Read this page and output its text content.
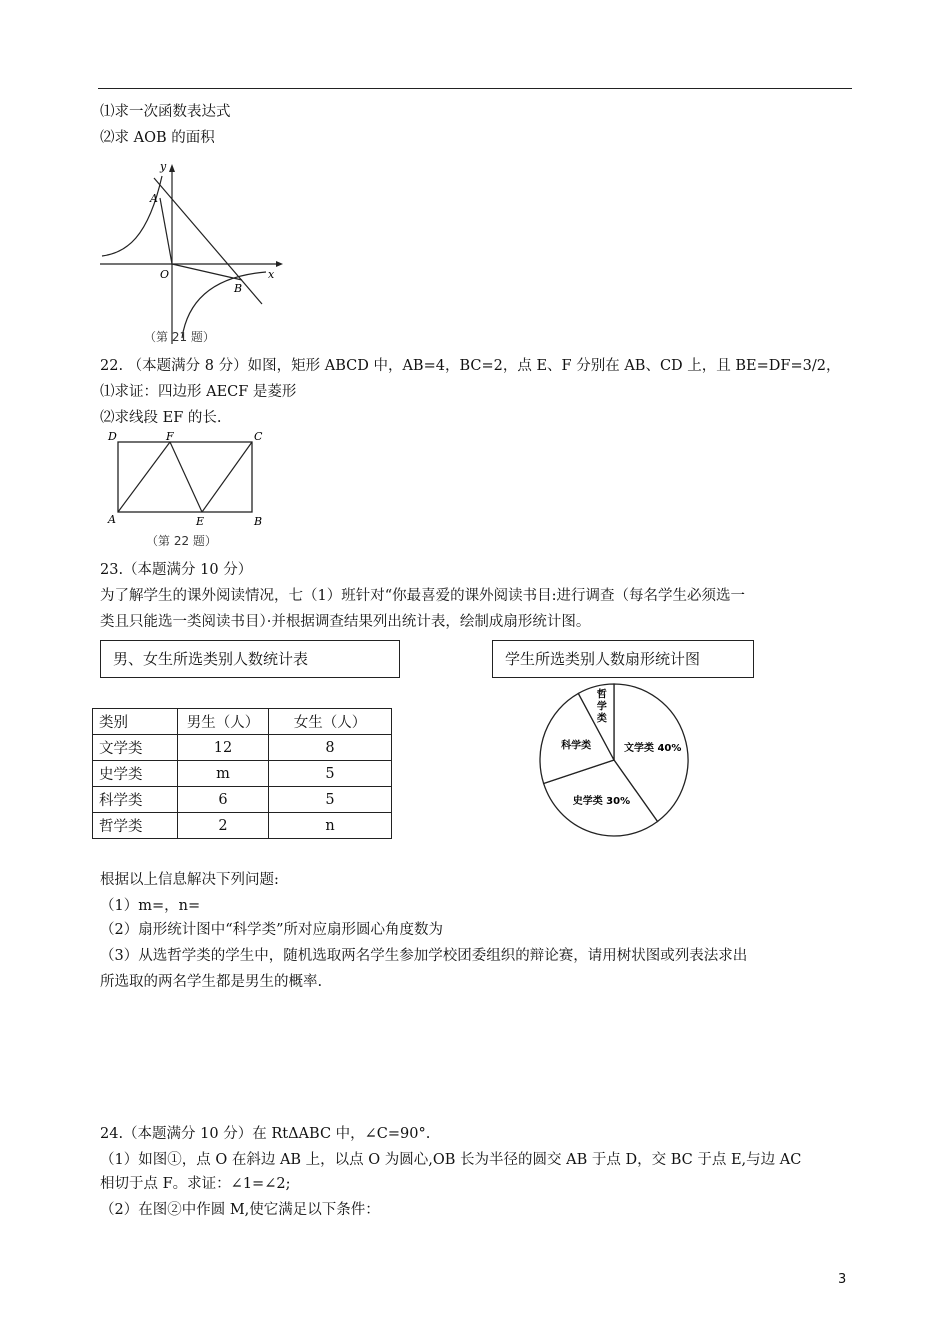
⑴求一次函数表达式
⑵求 AOB 的面积
y
x
A
O
B
（第 21 题）
22. （本题满分 8 分）如图，矩形 ABCD 中，AB=4，BC=2，点 E、F 分别在 AB、CD 上，且 BE=DF=3/2，
⑴求证：四边形 AECF 是菱形
⑵求线段 EF 的长.
D	F	C
A	E	B
（第 22 题）
23.（本题满分 10 分）
为了解学生的课外阅读情况，七（1）班针对“你最喜爱的课外阅读书目:进行调查（每名学生必须选一
类且只能选一类阅读书目）·并根据调查结果列出统计表，绘制成扇形统计图。
男、女生所选类别人数统计表	学生所选类别人数扇形统计图
类别	男生（人）	女生（人）
文学类	12	8
史学类	m	5
科学类	6	5
哲学类	2	n
文学类 40%
史学类 30%
科学类
哲
学
类
根据以上信息解决下列问题:
（1）m=，n=
（2）扇形统计图中“科学类”所对应扇形圆心角度数为
（3）从选哲学类的学生中，随机选取两名学生参加学校团委组织的辩论赛，请用树状图或列表法求出
所选取的两名学生都是男生的概率.
24.（本题满分 10 分）在 RtΔABC 中，∠C=90°.
（1）如图①，点 O 在斜边 AB 上，以点 O 为圆心,OB 长为半径的圆交 AB 于点 D，交 BC 于点 E,与边 AC
相切于点 F。求证：∠1=∠2;
（2）在图②中作圆 M,使它满足以下条件：
3
